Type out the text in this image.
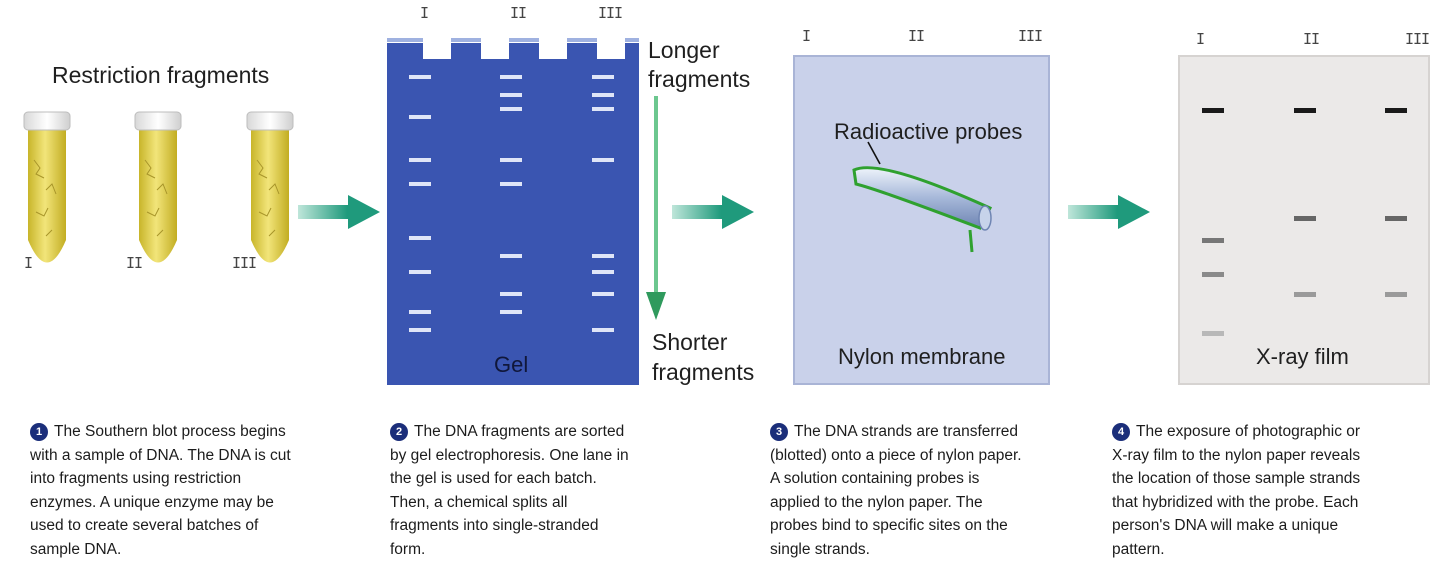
Restriction fragments
I	II	III
I	II	III
Gel
Longer fragments
Shorter fragments
I	II	III
Radioactive probes
Nylon membrane
I	II	III
X-ray film
1 The Southern blot process begins with a sample of DNA. The DNA is cut into fragments using restriction enzymes. A unique enzyme may be used to create several batches of sample DNA.
2 The DNA fragments are sorted by gel electrophoresis. One lane in the gel is used for each batch. Then, a chemical splits all fragments into single-stranded form.
3 The DNA strands are transferred (blotted) onto a piece of nylon paper. A solution containing probes is applied to the nylon paper. The probes bind to specific sites on the single strands.
4 The exposure of photographic or X-ray film to the nylon paper reveals the location of those sample strands that hybridized with the probe. Each person's DNA will make a unique pattern.
